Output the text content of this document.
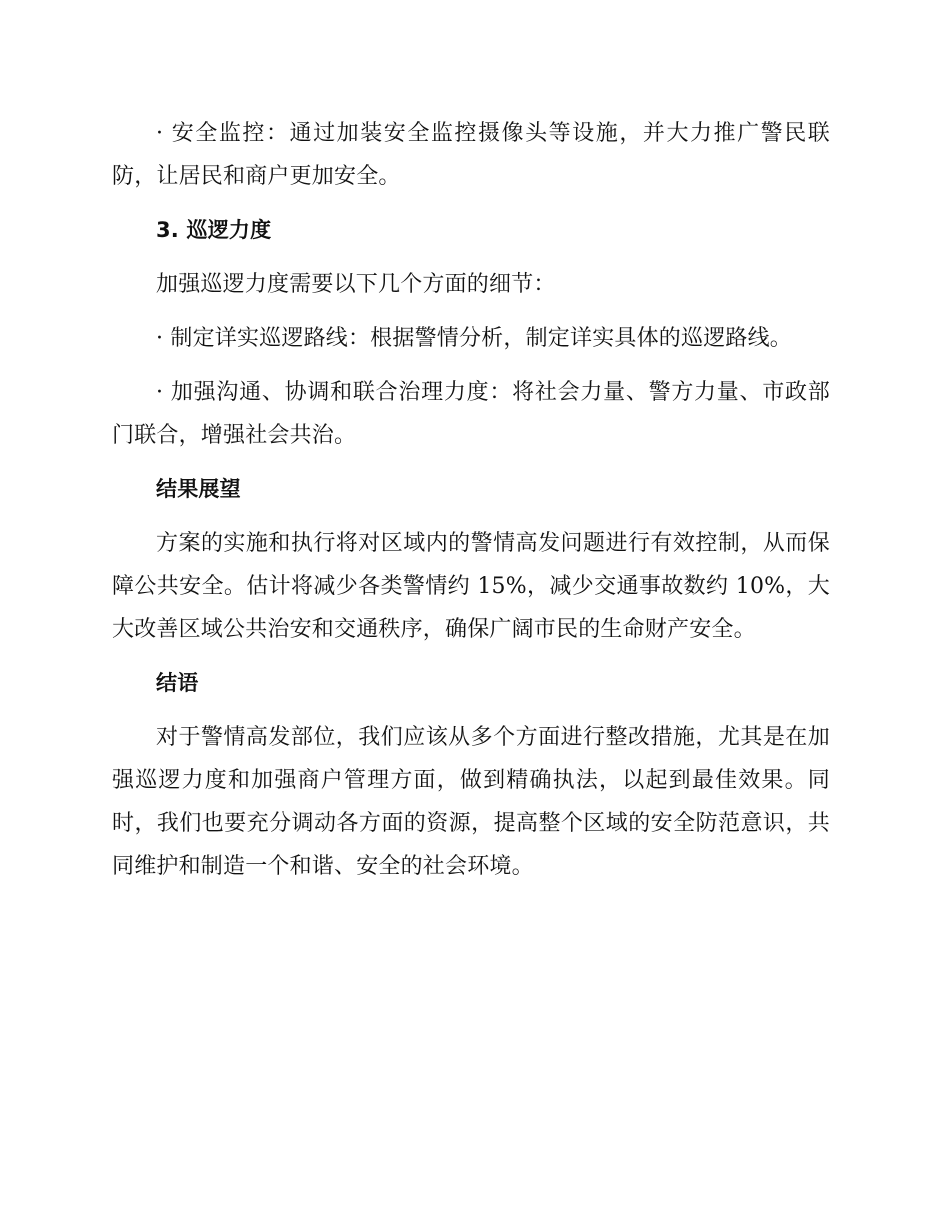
· 安全监控：通过加装安全监控摄像头等设施，并大力推广警民联防，让居民和商户更加安全。

3. 巡逻力度

加强巡逻力度需要以下几个方面的细节：

· 制定详实巡逻路线：根据警情分析，制定详实具体的巡逻路线。

· 加强沟通、协调和联合治理力度：将社会力量、警方力量、市政部门联合，增强社会共治。

结果展望

方案的实施和执行将对区域内的警情高发问题进行有效控制，从而保障公共安全。估计将减少各类警情约 15%，减少交通事故数约 10%，大大改善区域公共治安和交通秩序，确保广阔市民的生命财产安全。

结语

对于警情高发部位，我们应该从多个方面进行整改措施，尤其是在加强巡逻力度和加强商户管理方面，做到精确执法，以起到最佳效果。同时，我们也要充分调动各方面的资源，提高整个区域的安全防范意识，共同维护和制造一个和谐、安全的社会环境。
